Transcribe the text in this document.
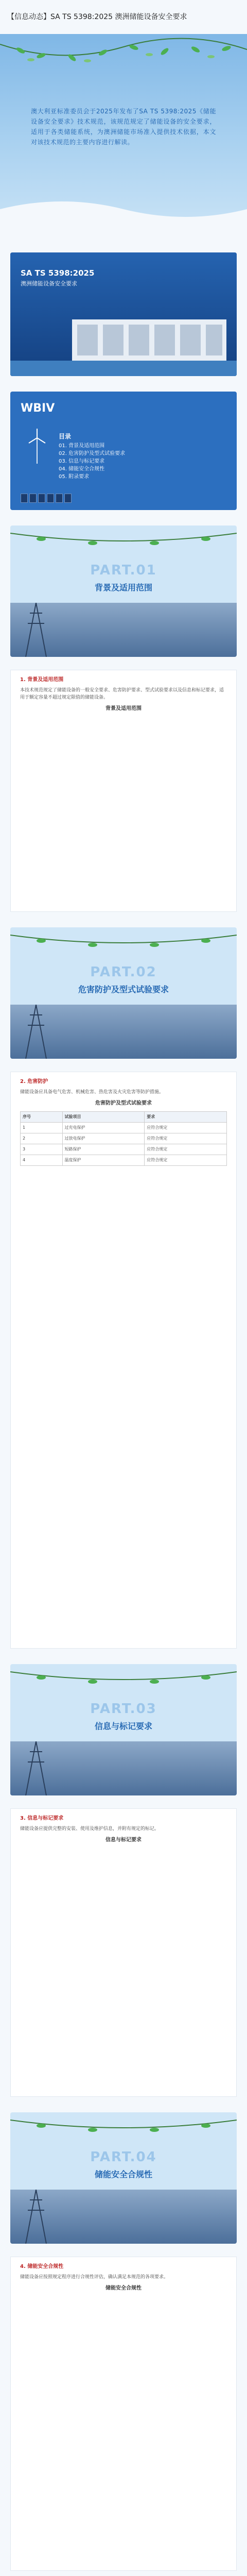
【信息动态】SA TS 5398:2025 澳洲储能设备安全要求
澳大利亚标准委员会于2025年发布了SA TS 5398:2025《储能设备安全要求》技术规范，该规范规定了储能设备的安全要求，适用于各类储能系统，为澳洲储能市场准入提供技术依据，本文对该技术规范的主要内容进行解读。
SA TS 5398:2025
澳洲储能设备安全要求
WBIV
目录
01. 背景及适用范围
02. 危害防护及型式试验要求
03. 信息与标记要求
04. 储能安全合规性
05. 附录要求
PART.01
背景及适用范围
1. 背景及适用范围
本技术规范规定了储能设备的一般安全要求、危害防护要求、型式试验要求以及信息和标记要求，适用于额定容量不超过规定限值的储能设备。
背景及适用范围
PART.02
危害防护及型式试验要求
2. 危害防护
储能设备应具备电气危害、机械危害、热危害及火灾危害等防护措施。
危害防护及型式试验要求
序号	试验项目	要求
1	过充电保护	应符合规定
2	过放电保护	应符合规定
3	短路保护	应符合规定
4	温度保护	应符合规定
PART.03
信息与标记要求
3. 信息与标记要求
储能设备应提供完整的安装、使用及维护信息，并附有规定的标记。
信息与标记要求
PART.04
储能安全合规性
4. 储能安全合规性
储能设备应按照规定程序进行合规性评估，确认满足本规范的各项要求。
储能安全合规性
